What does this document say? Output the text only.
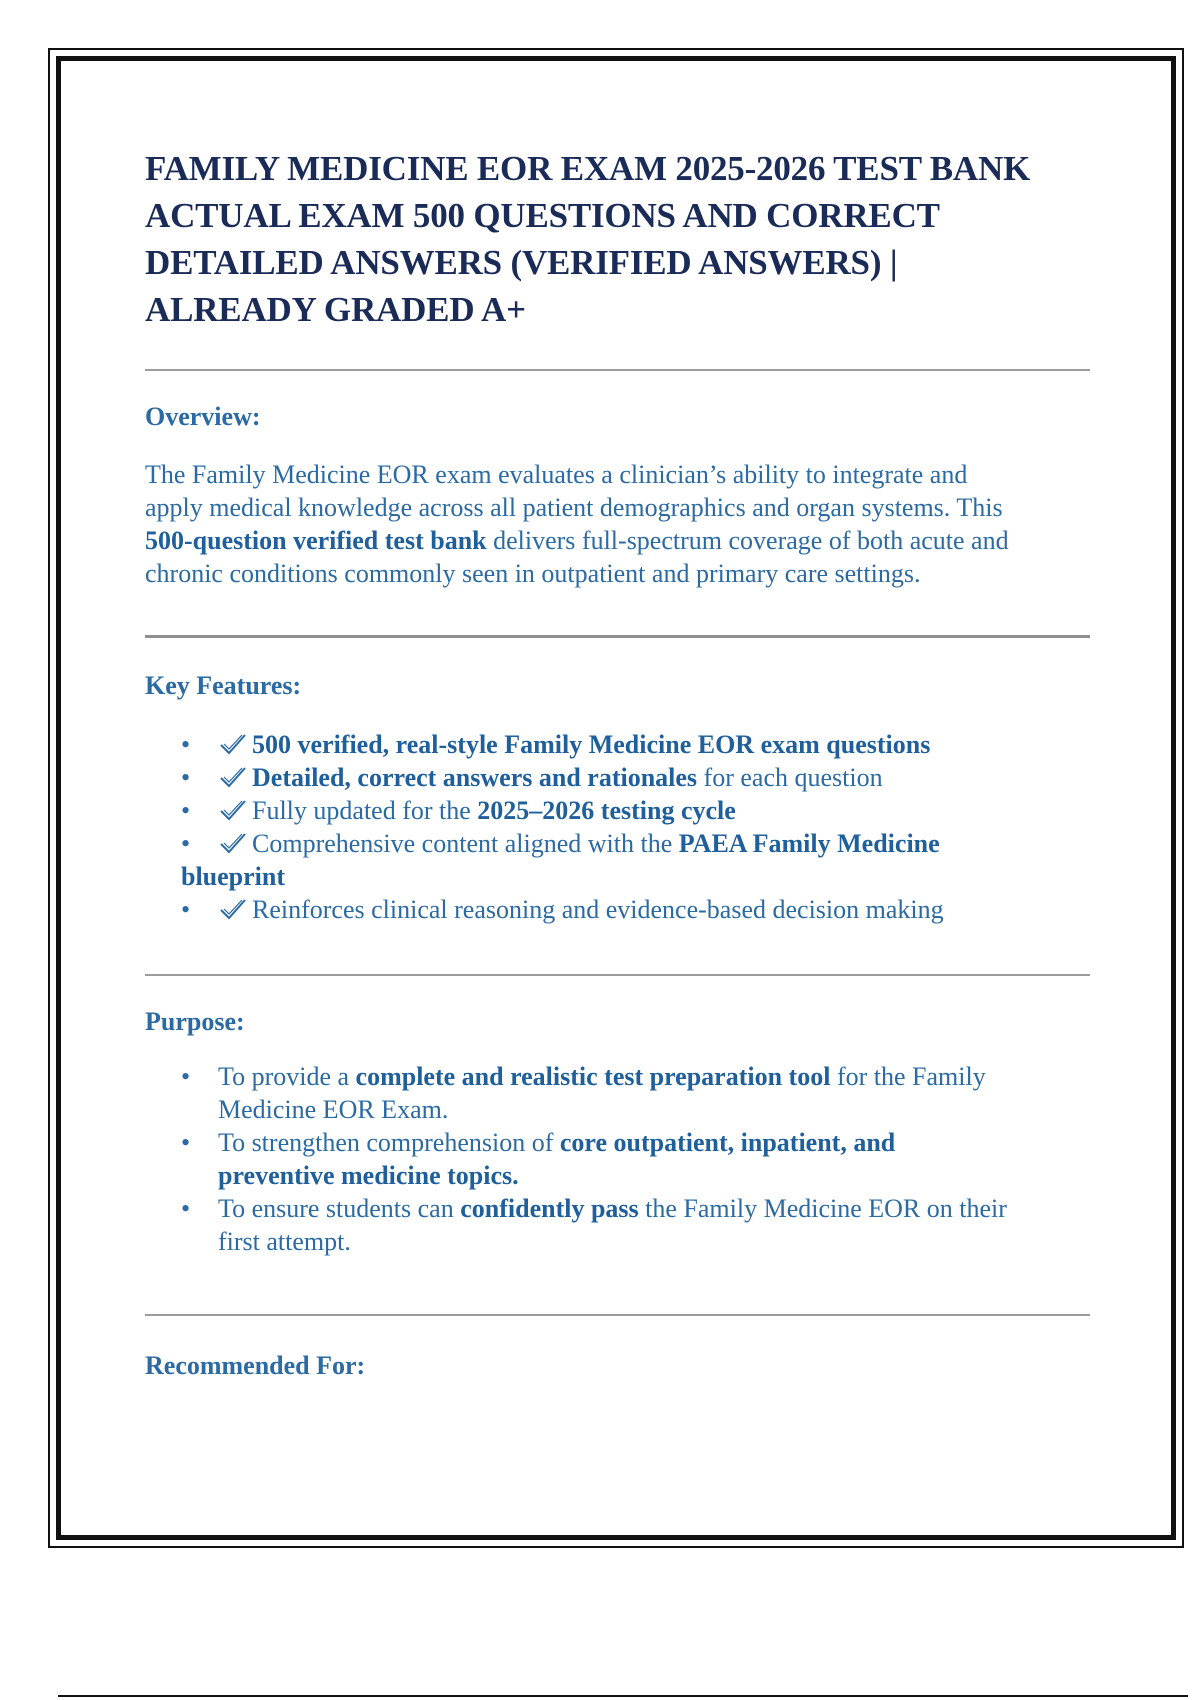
FAMILY MEDICINE EOR EXAM 2025-2026 TEST BANK
ACTUAL EXAM 500 QUESTIONS AND CORRECT
DETAILED ANSWERS (VERIFIED ANSWERS) |
ALREADY GRADED A+
Overview:

The Family Medicine EOR exam evaluates a clinician’s ability to integrate and
apply medical knowledge across all patient demographics and organ systems. This
500-question verified test bank delivers full-spectrum coverage of both acute and
chronic conditions commonly seen in outpatient and primary care settings.

Key Features:
•	500 verified, real-style Family Medicine EOR exam questions
•	Detailed, correct answers and rationales for each question
•	Fully updated for the 2025–2026 testing cycle
•	Comprehensive content aligned with the PAEA Family Medicine
blueprint
•	Reinforces clinical reasoning and evidence-based decision making
Purpose:
• To provide a complete and realistic test preparation tool for the Family
Medicine EOR Exam.
• To strengthen comprehension of core outpatient, inpatient, and
preventive medicine topics.
• To ensure students can confidently pass the Family Medicine EOR on their
first attempt.
Recommended For:
